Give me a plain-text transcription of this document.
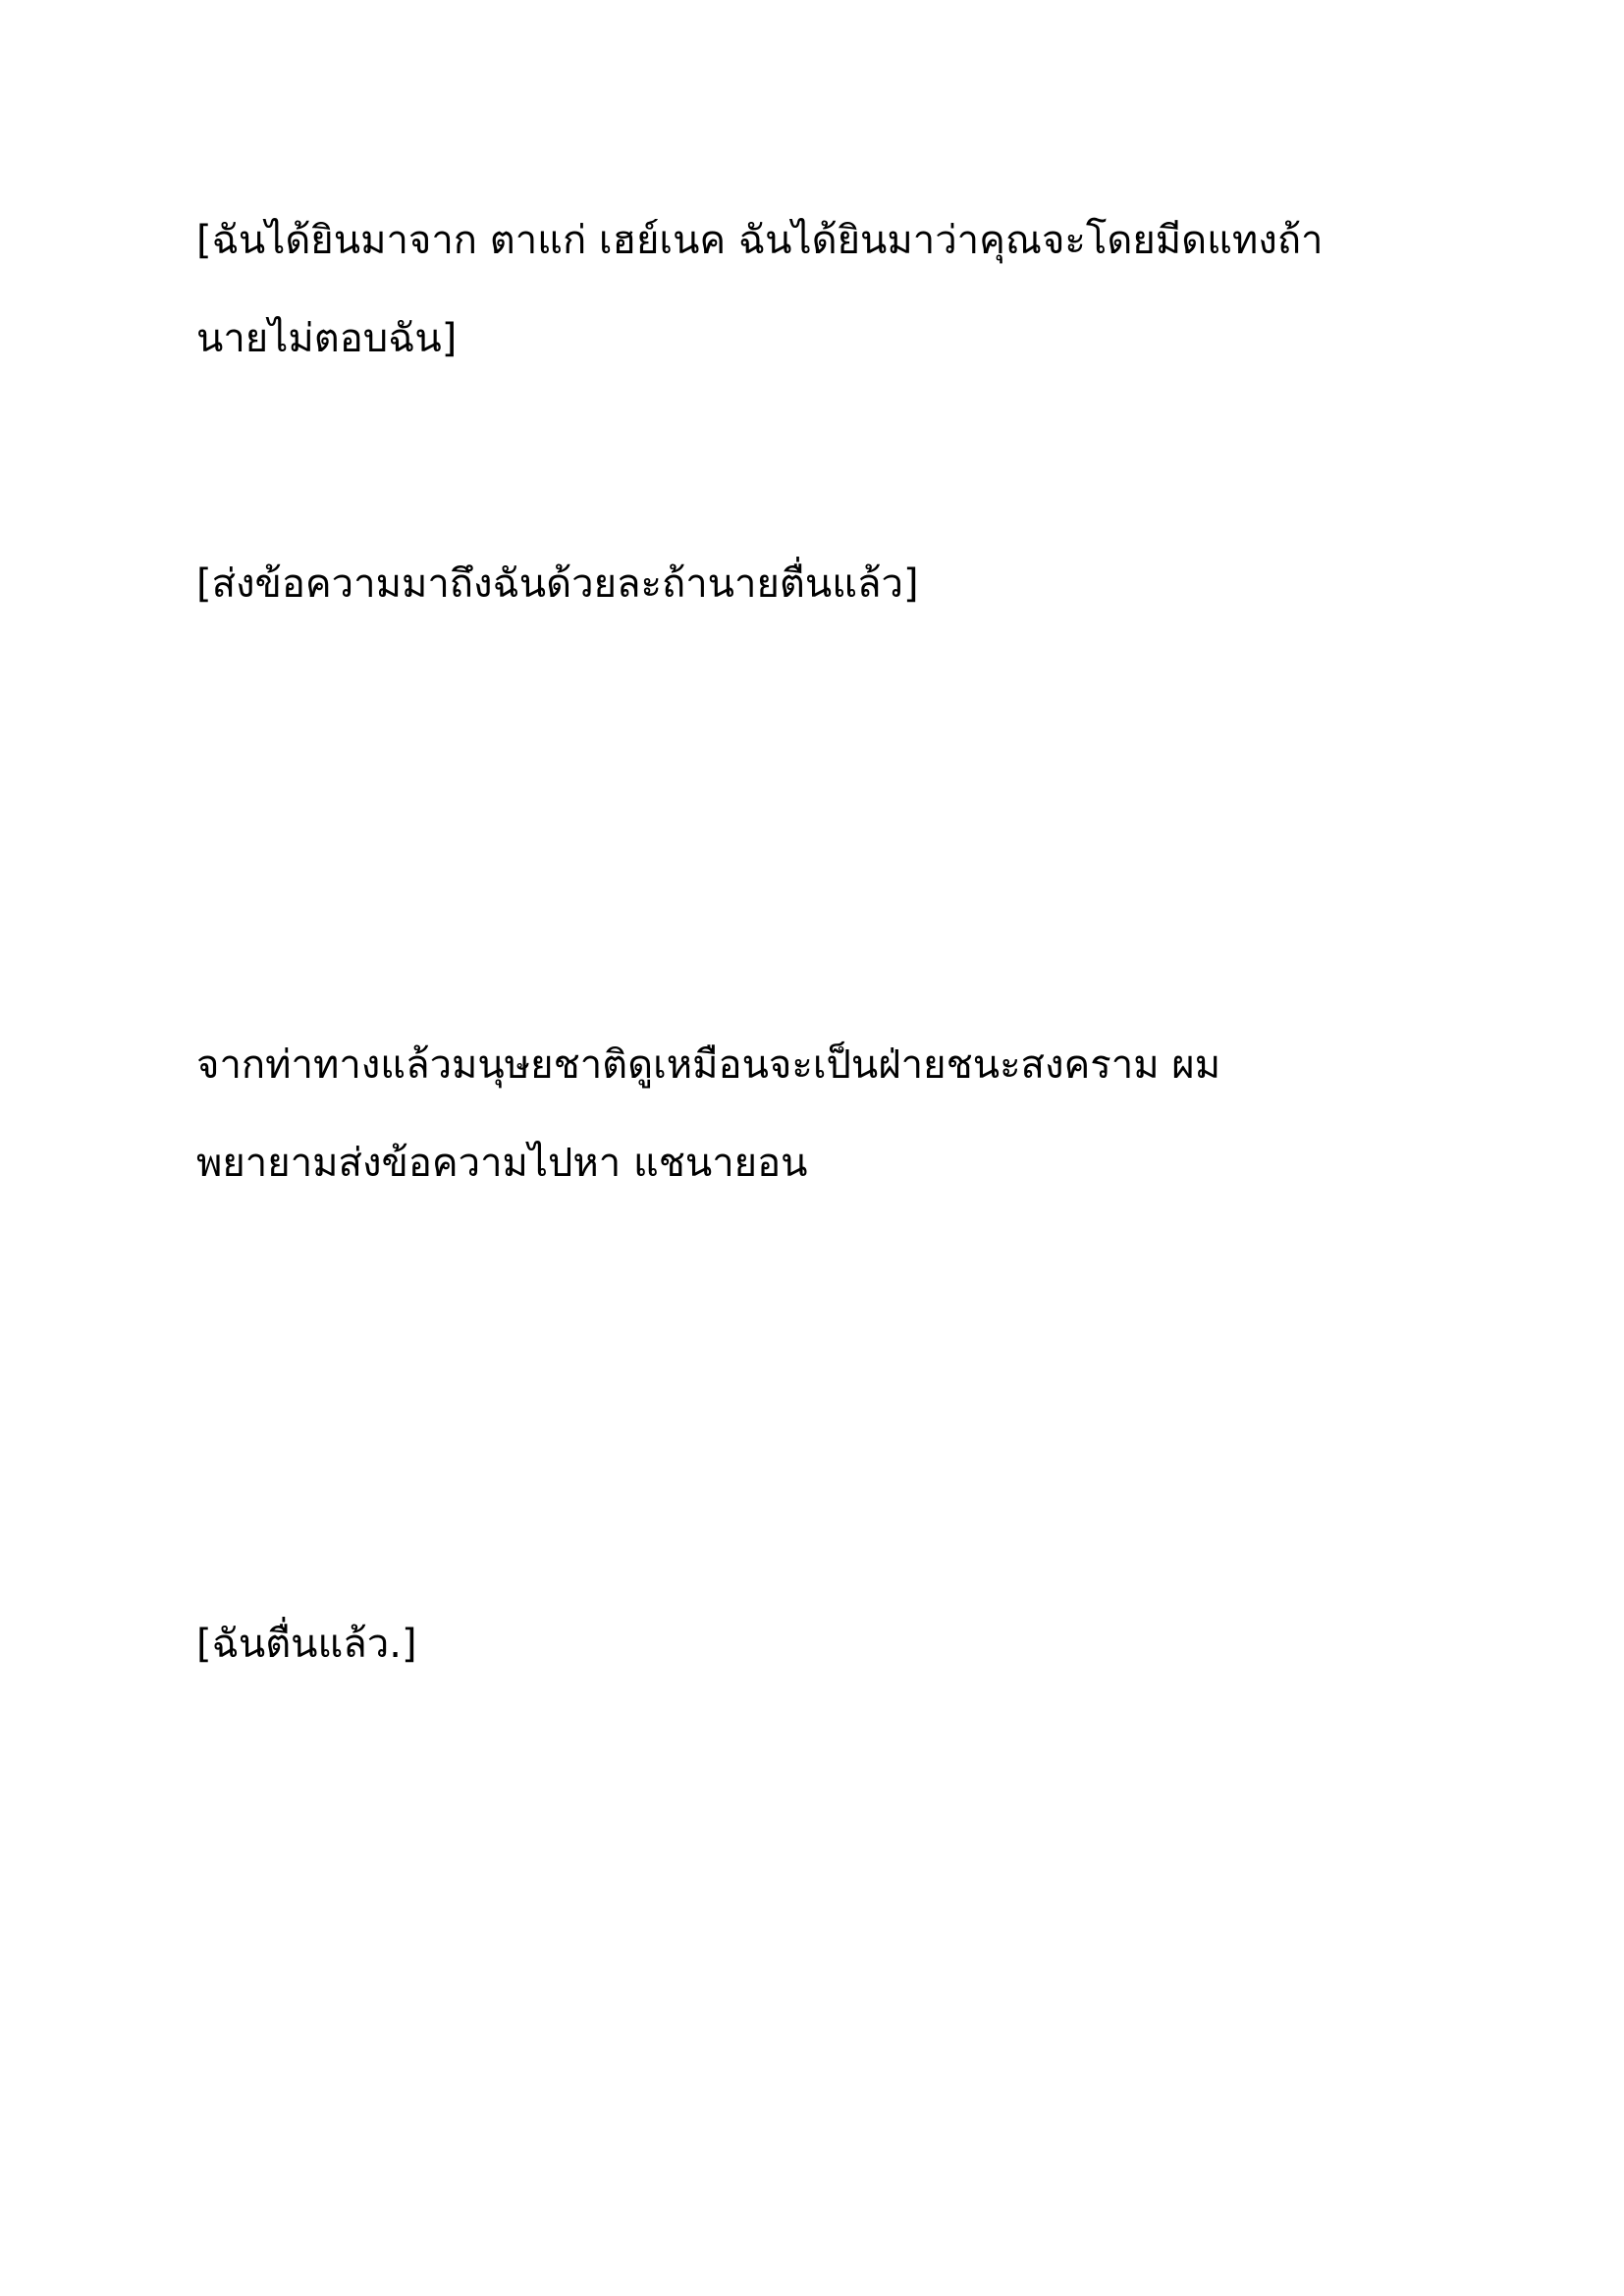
[ฉันได้ยินมาจาก ตาแก่ เฮย์เนค ฉันได้ยินมาว่าคุณจะโดยมีดแทงถ้า
นายไม่ตอบฉัน]

[ส่งข้อความมาถึงฉันด้วยละถ้านายตื่นแล้ว]

จากท่าทางแล้วมนุษยชาติดูเหมือนจะเป็นฝ่ายชนะสงคราม ผม
พยายามส่งข้อความไปหา แชนายอน

[ฉันตื่นแล้ว.]
